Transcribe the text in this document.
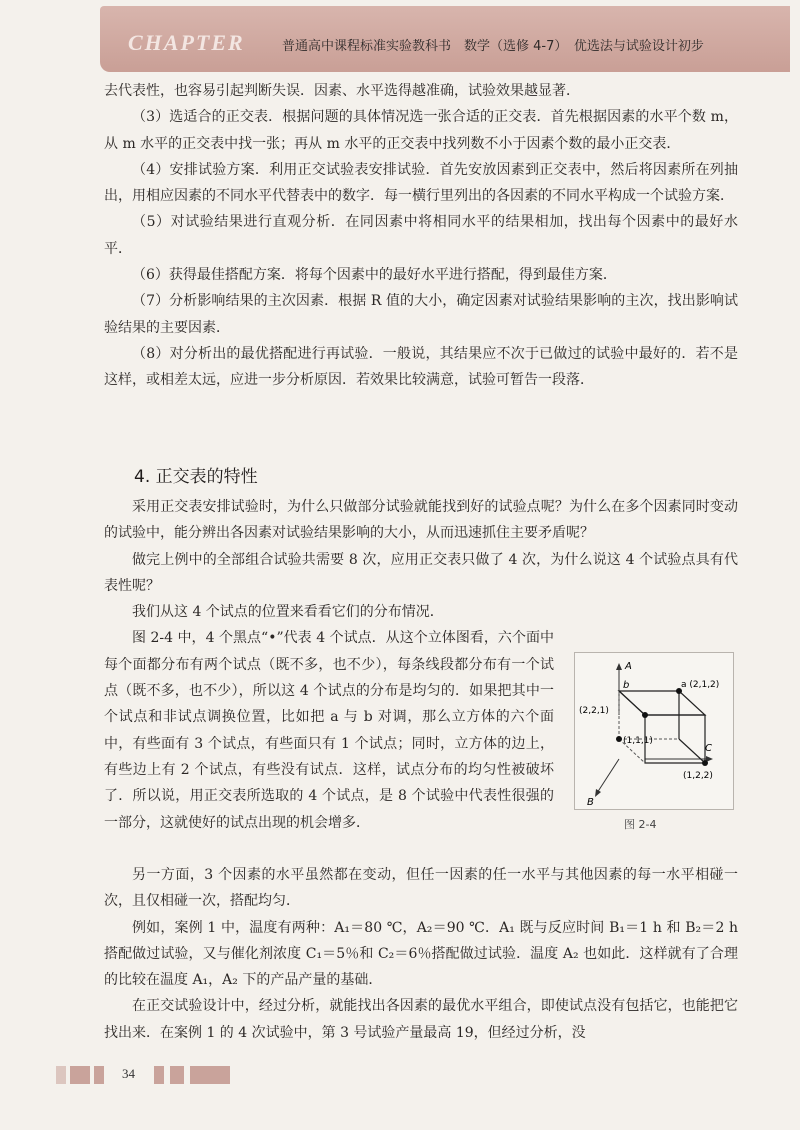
CHAPTER	普通高中课程标准实验教科书　数学（选修 4-7）　优选法与试验设计初步

去代表性，也容易引起判断失误．因素、水平选得越准确，试验效果越显著．

（3）选适合的正交表．根据问题的具体情况选一张合适的正交表．首先根据因素的水平个数 m，从 m 水平的正交表中找一张；再从 m 水平的正交表中找列数不小于因素个数的最小正交表．

（4）安排试验方案．利用正交试验表安排试验．首先安放因素到正交表中，然后将因素所在列抽出，用相应因素的不同水平代替表中的数字．每一横行里列出的各因素的不同水平构成一个试验方案．

（5）对试验结果进行直观分析．在同因素中将相同水平的结果相加，找出每个因素中的最好水平．

（6）获得最佳搭配方案．将每个因素中的最好水平进行搭配，得到最佳方案．

（7）分析影响结果的主次因素．根据 R 值的大小，确定因素对试验结果影响的主次，找出影响试验结果的主要因素．

（8）对分析出的最优搭配进行再试验．一般说，其结果应不次于已做过的试验中最好的．若不是这样，或相差太远，应进一步分析原因．若效果比较满意，试验可暂告一段落．

4. 正交表的特性

采用正交表安排试验时，为什么只做部分试验就能找到好的试验点呢？为什么在多个因素同时变动的试验中，能分辨出各因素对试验结果影响的大小，从而迅速抓住主要矛盾呢？

做完上例中的全部组合试验共需要 8 次，应用正交表只做了 4 次，为什么说这 4 个试验点具有代表性呢？

我们从这 4 个试点的位置来看看它们的分布情况．

图 2-4 中，4 个黑点“•”代表 4 个试点．从这个立体图看，六个面中每个面都分布有两个试点（既不多，也不少），每条线段都分布有一个试点（既不多，也不少），所以这 4 个试点的分布是均匀的．如果把其中一个试点和非试点调换位置，比如把 a 与 b 对调，那么立方体的六个面中，有些面有 3 个试点，有些面只有 1 个试点；同时，立方体的边上，有些边上有 2 个试点，有些没有试点．这样，试点分布的均匀性被破坏了．所以说，用正交表所选取的 4 个试点，是 8 个试验中代表性很强的一部分，这就使好的试点出现的机会增多．

A
B
C
b	a (2,1,2)
(2,2,1)
(1,1,1)
(1,2,2)
图 2-4

另一方面，3 个因素的水平虽然都在变动，但任一因素的任一水平与其他因素的每一水平相碰一次，且仅相碰一次，搭配均匀．

例如，案例 1 中，温度有两种：A₁＝80 ℃，A₂＝90 ℃．A₁ 既与反应时间 B₁＝1 h 和 B₂＝2 h 搭配做过试验，又与催化剂浓度 C₁＝5％和 C₂＝6％搭配做过试验．温度 A₂ 也如此．这样就有了合理的比较在温度 A₁，A₂ 下的产品产量的基础．

在正交试验设计中，经过分析，就能找出各因素的最优水平组合，即使试点没有包括它，也能把它找出来．在案例 1 的 4 次试验中，第 3 号试验产量最高 19，但经过分析，没

34
